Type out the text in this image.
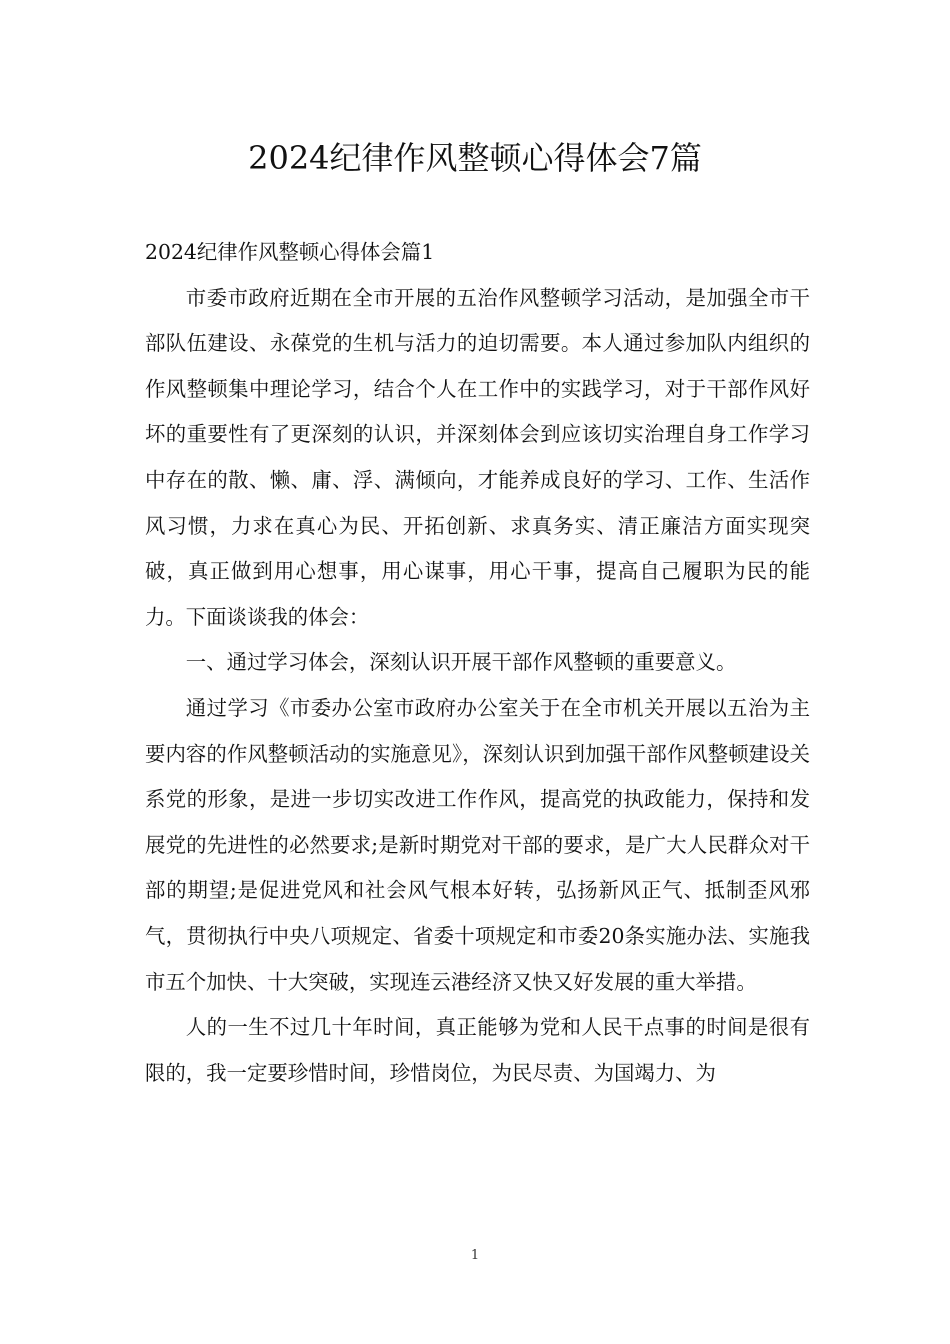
2024纪律作风整顿心得体会7篇

2024纪律作风整顿心得体会篇1

市委市政府近期在全市开展的五治作风整顿学习活动，是加强全市干部队伍建设、永葆党的生机与活力的迫切需要。本人通过参加队内组织的作风整顿集中理论学习，结合个人在工作中的实践学习，对于干部作风好坏的重要性有了更深刻的认识，并深刻体会到应该切实治理自身工作学习中存在的散、懒、庸、浮、满倾向，才能养成良好的学习、工作、生活作风习惯，力求在真心为民、开拓创新、求真务实、清正廉洁方面实现突破，真正做到用心想事，用心谋事，用心干事，提高自己履职为民的能力。下面谈谈我的体会：

一、通过学习体会，深刻认识开展干部作风整顿的重要意义。

通过学习《市委办公室市政府办公室关于在全市机关开展以五治为主要内容的作风整顿活动的实施意见》，深刻认识到加强干部作风整顿建设关系党的形象，是进一步切实改进工作作风，提高党的执政能力，保持和发展党的先进性的必然要求;是新时期党对干部的要求，是广大人民群众对干部的期望;是促进党风和社会风气根本好转，弘扬新风正气、抵制歪风邪气，贯彻执行中央八项规定、省委十项规定和市委20条实施办法、实施我市五个加快、十大突破，实现连云港经济又快又好发展的重大举措。

人的一生不过几十年时间，真正能够为党和人民干点事的时间是很有限的，我一定要珍惜时间，珍惜岗位，为民尽责、为国竭力、为

1
